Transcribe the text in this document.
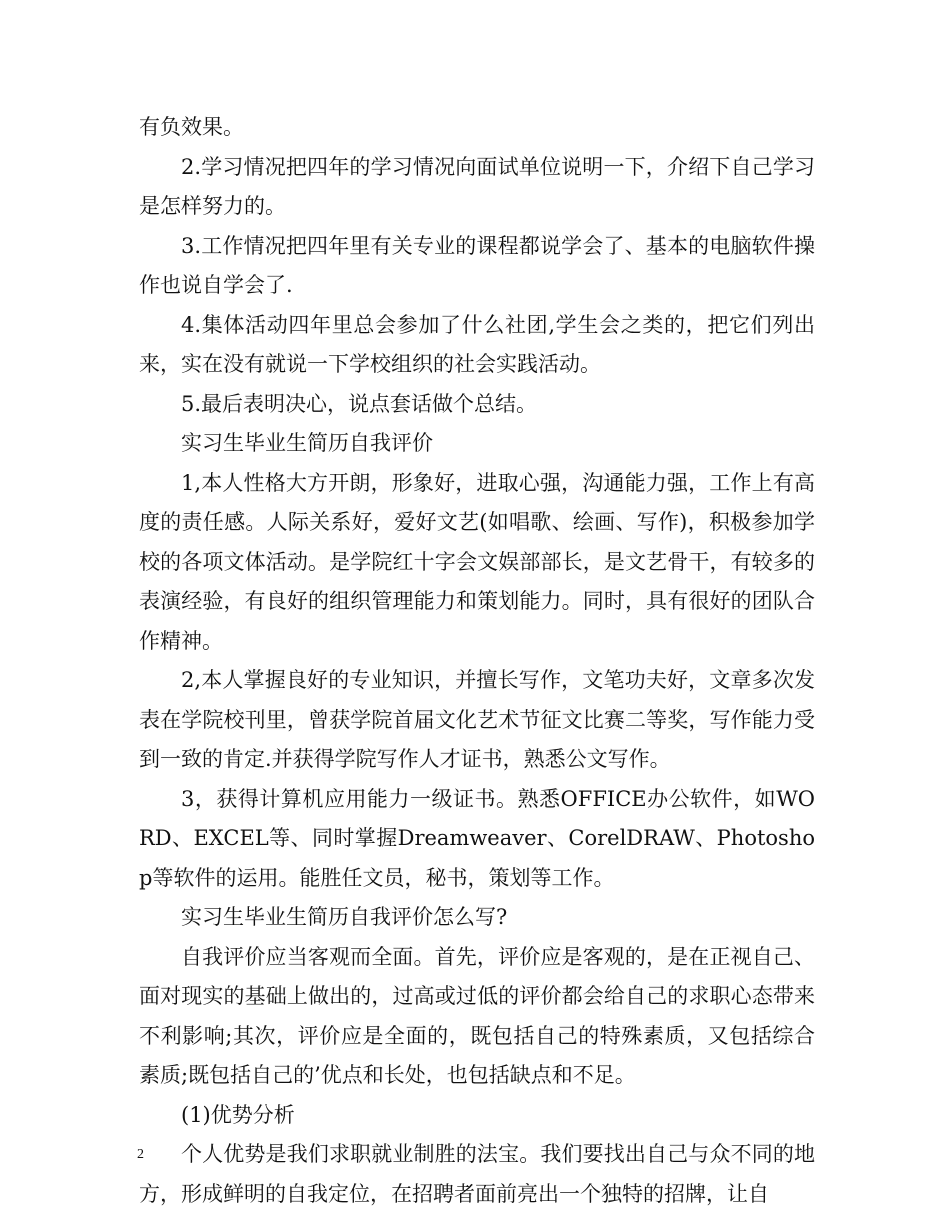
有负效果。

2.学习情况把四年的学习情况向面试单位说明一下，介绍下自己学习是怎样努力的。

3.工作情况把四年里有关专业的课程都说学会了、基本的电脑软件操作也说自学会了.

4.集体活动四年里总会参加了什么社团,学生会之类的，把它们列出来，实在没有就说一下学校组织的社会实践活动。

5.最后表明决心，说点套话做个总结。

实习生毕业生简历自我评价

1,本人性格大方开朗，形象好，进取心强，沟通能力强，工作上有高度的责任感。人际关系好，爱好文艺(如唱歌、绘画、写作)，积极参加学校的各项文体活动。是学院红十字会文娱部部长，是文艺骨干，有较多的表演经验，有良好的组织管理能力和策划能力。同时，具有很好的团队合作精神。

2,本人掌握良好的专业知识，并擅长写作，文笔功夫好，文章多次发表在学院校刊里，曾获学院首届文化艺术节征文比赛二等奖，写作能力受到一致的肯定.并获得学院写作人才证书，熟悉公文写作。

3，获得计算机应用能力一级证书。熟悉OFFICE办公软件，如WORD、EXCEL等、同时掌握Dreamweaver、CorelDRAW、Photoshop等软件的运用。能胜任文员，秘书，策划等工作。

实习生毕业生简历自我评价怎么写?

自我评价应当客观而全面。首先，评价应是客观的，是在正视自己、面对现实的基础上做出的，过高或过低的评价都会给自己的求职心态带来不利影响;其次，评价应是全面的，既包括自己的特殊素质，又包括综合素质;既包括自己的’优点和长处，也包括缺点和不足。

(1)优势分析

个人优势是我们求职就业制胜的法宝。我们要找出自己与众不同的地方，形成鲜明的自我定位，在招聘者面前亮出一个独特的招牌，让自

2
